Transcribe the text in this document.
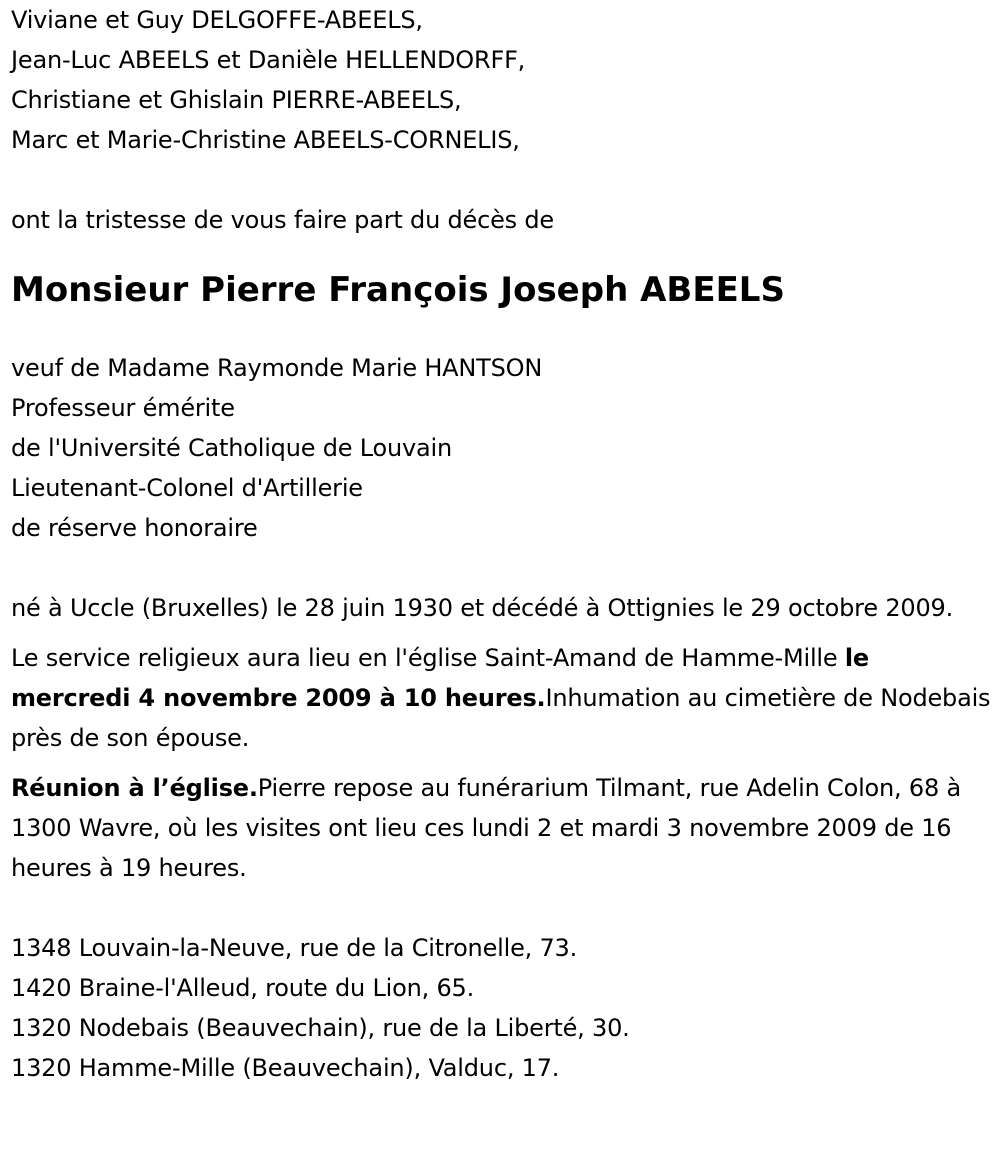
Viviane et Guy DELGOFFE-ABEELS,
Jean-Luc ABEELS et Danièle HELLENDORFF,
Christiane et Ghislain PIERRE-ABEELS,
Marc et Marie-Christine ABEELS-CORNELIS,
ont la tristesse de vous faire part du décès de
Monsieur Pierre François Joseph ABEELS
veuf de Madame Raymonde Marie HANTSON
Professeur émérite
de l'Université Catholique de Louvain
Lieutenant-Colonel d'Artillerie
de réserve honoraire
né à Uccle (Bruxelles) le 28 juin 1930 et décédé à Ottignies le 29 octobre 2009.
Le service religieux aura lieu en l'église Saint-Amand de Hamme-Mille le mercredi 4 novembre 2009 à 10 heures.Inhumation au cimetière de Nodebais près de son épouse.
Réunion à l’église.Pierre repose au funérarium Tilmant, rue Adelin Colon, 68 à 1300 Wavre, où les visites ont lieu ces lundi 2 et mardi 3 novembre 2009 de 16 heures à 19 heures.
1348 Louvain-la-Neuve, rue de la Citronelle, 73.
1420 Braine-l'Alleud, route du Lion, 65.
1320 Nodebais (Beauvechain), rue de la Liberté, 30.
1320 Hamme-Mille (Beauvechain), Valduc, 17.
